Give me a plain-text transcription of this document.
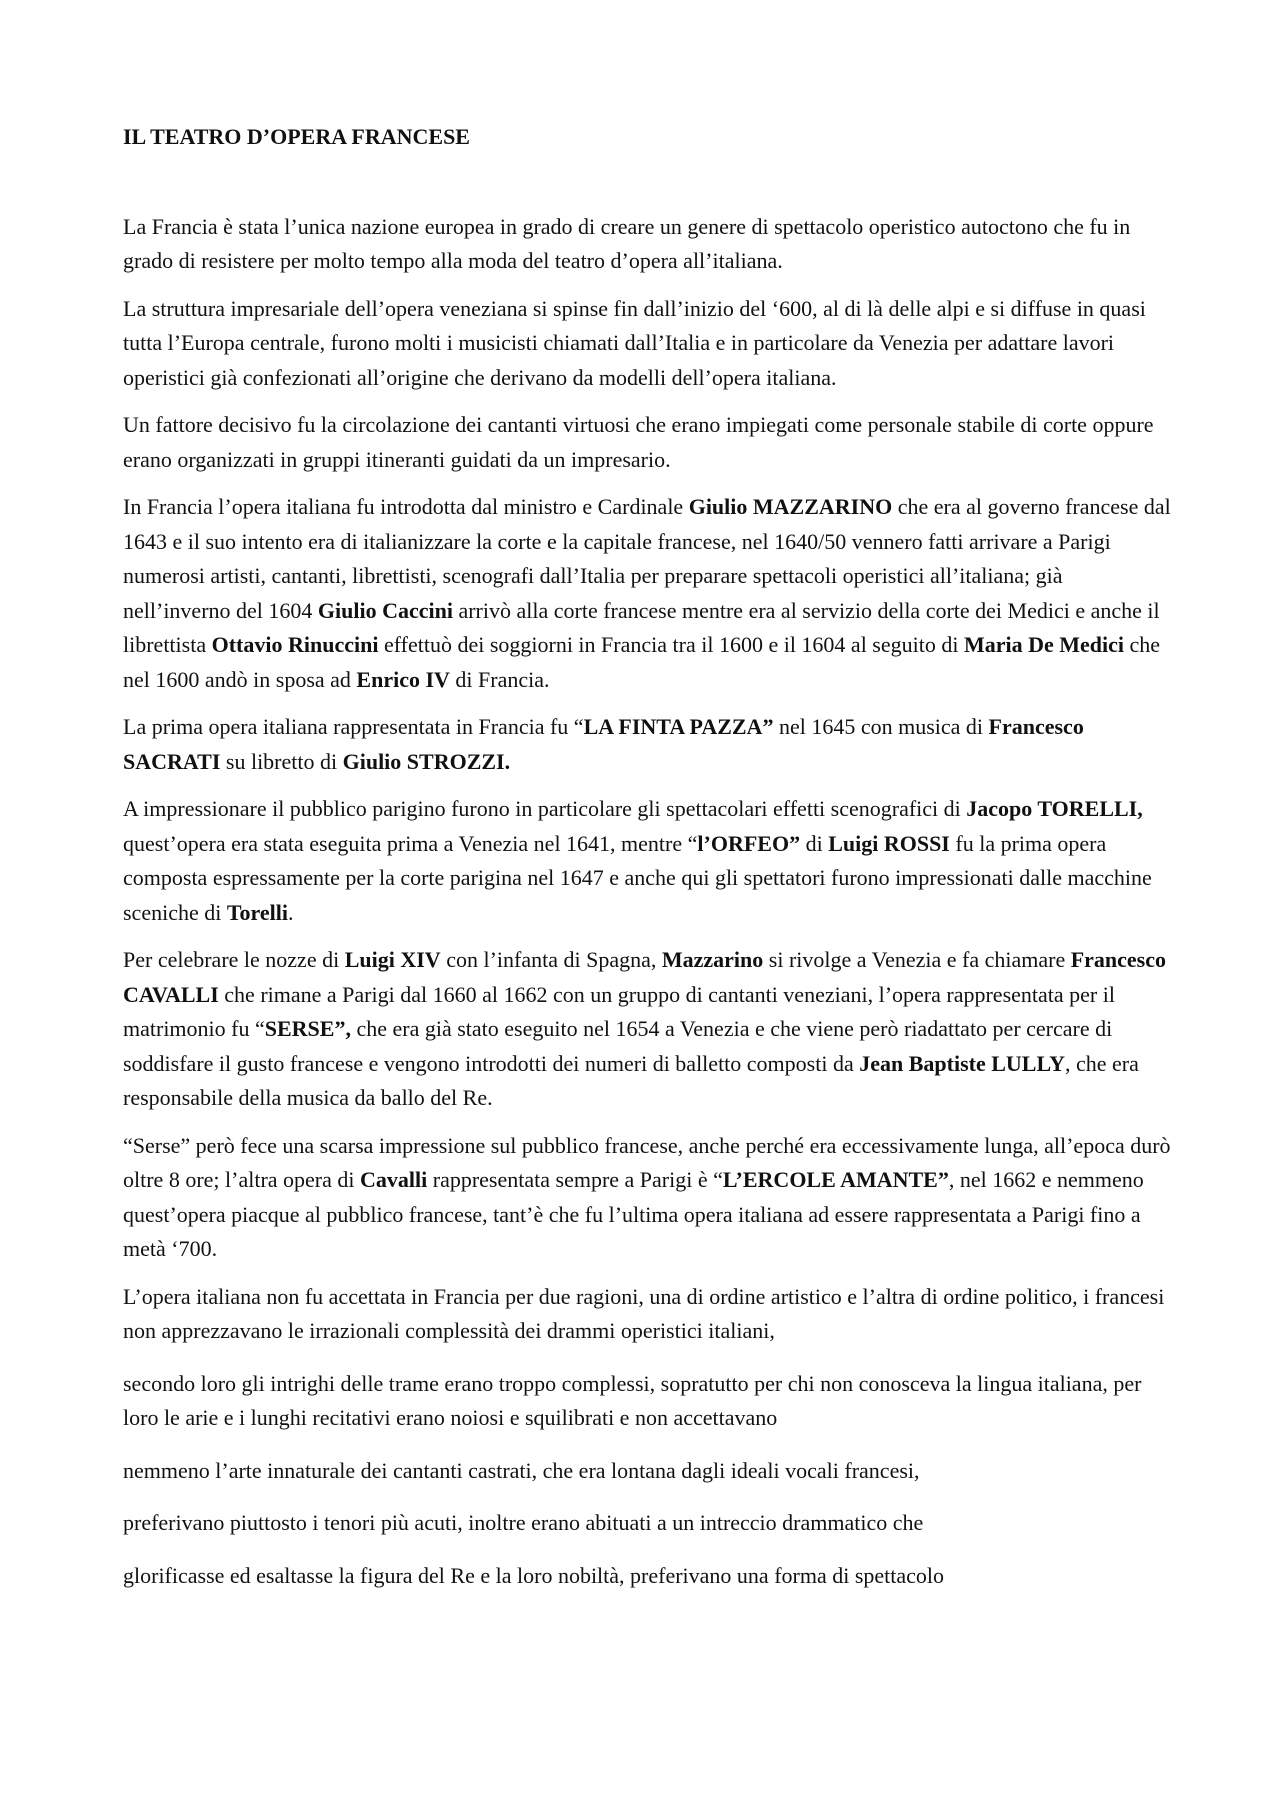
IL TEATRO D’OPERA FRANCESE

La Francia è stata l’unica nazione europea in grado di creare un genere di spettacolo operistico autoctono che fu in grado di resistere per molto tempo alla moda del teatro d’opera all’italiana.

La struttura impresariale dell’opera veneziana si spinse fin dall’inizio del ‘600, al di là delle alpi e si diffuse in quasi tutta l’Europa centrale, furono molti i musicisti chiamati dall’Italia e in particolare da Venezia per adattare lavori operistici già confezionati all’origine che derivano da modelli dell’opera italiana.

Un fattore decisivo fu la circolazione dei cantanti virtuosi che erano impiegati come personale stabile di corte oppure erano organizzati in gruppi itineranti guidati da un impresario.

In Francia l’opera italiana fu introdotta dal ministro e Cardinale Giulio MAZZARINO che era al governo francese dal 1643 e il suo intento era di italianizzare la corte e la capitale francese, nel 1640/50 vennero fatti arrivare a Parigi numerosi artisti, cantanti, librettisti, scenografi dall’Italia per preparare spettacoli operistici all’italiana; già nell’inverno del 1604 Giulio Caccini arrivò alla corte francese mentre era al servizio della corte dei Medici e anche il librettista Ottavio Rinuccini effettuò dei soggiorni in Francia tra il 1600 e il 1604 al seguito di Maria De Medici che nel 1600 andò in sposa ad Enrico IV di Francia.

La prima opera italiana rappresentata in Francia fu “LA FINTA PAZZA” nel 1645 con musica di Francesco SACRATI su libretto di Giulio STROZZI.

A impressionare il pubblico parigino furono in particolare gli spettacolari effetti scenografici di Jacopo TORELLI, quest’opera era stata eseguita prima a Venezia nel 1641, mentre “l’ORFEO” di Luigi ROSSI fu la prima opera composta espressamente per la corte parigina nel 1647 e anche qui gli spettatori furono impressionati dalle macchine sceniche di Torelli.

Per celebrare le nozze di Luigi XIV con l’infanta di Spagna, Mazzarino si rivolge a Venezia e fa chiamare Francesco CAVALLI che rimane a Parigi dal 1660 al 1662 con un gruppo di cantanti veneziani, l’opera rappresentata per il matrimonio fu “SERSE”, che era già stato eseguito nel 1654 a Venezia e che viene però riadattato per cercare di soddisfare il gusto francese e vengono introdotti dei numeri di balletto composti da Jean Baptiste LULLY, che era responsabile della musica da ballo del Re.

“Serse” però fece una scarsa impressione sul pubblico francese, anche perché era eccessivamente lunga, all’epoca durò oltre 8 ore; l’altra opera di Cavalli rappresentata sempre a Parigi è “L’ERCOLE AMANTE”, nel 1662 e nemmeno quest’opera piacque al pubblico francese, tant’è che fu l’ultima opera italiana ad essere rappresentata a Parigi fino a metà ‘700.

L’opera italiana non fu accettata in Francia per due ragioni, una di ordine artistico e l’altra di ordine politico, i francesi non apprezzavano le irrazionali complessità dei drammi operistici italiani,

secondo loro gli intrighi delle trame erano troppo complessi, sopratutto per chi non conosceva la lingua italiana, per loro le arie e i lunghi recitativi erano noiosi e squilibrati e non accettavano

nemmeno l’arte innaturale dei cantanti castrati, che era lontana dagli ideali vocali francesi,

preferivano piuttosto i tenori più acuti, inoltre erano abituati a un intreccio drammatico che

glorificasse ed esaltasse la figura del Re e la loro nobiltà, preferivano una forma di spettacolo
